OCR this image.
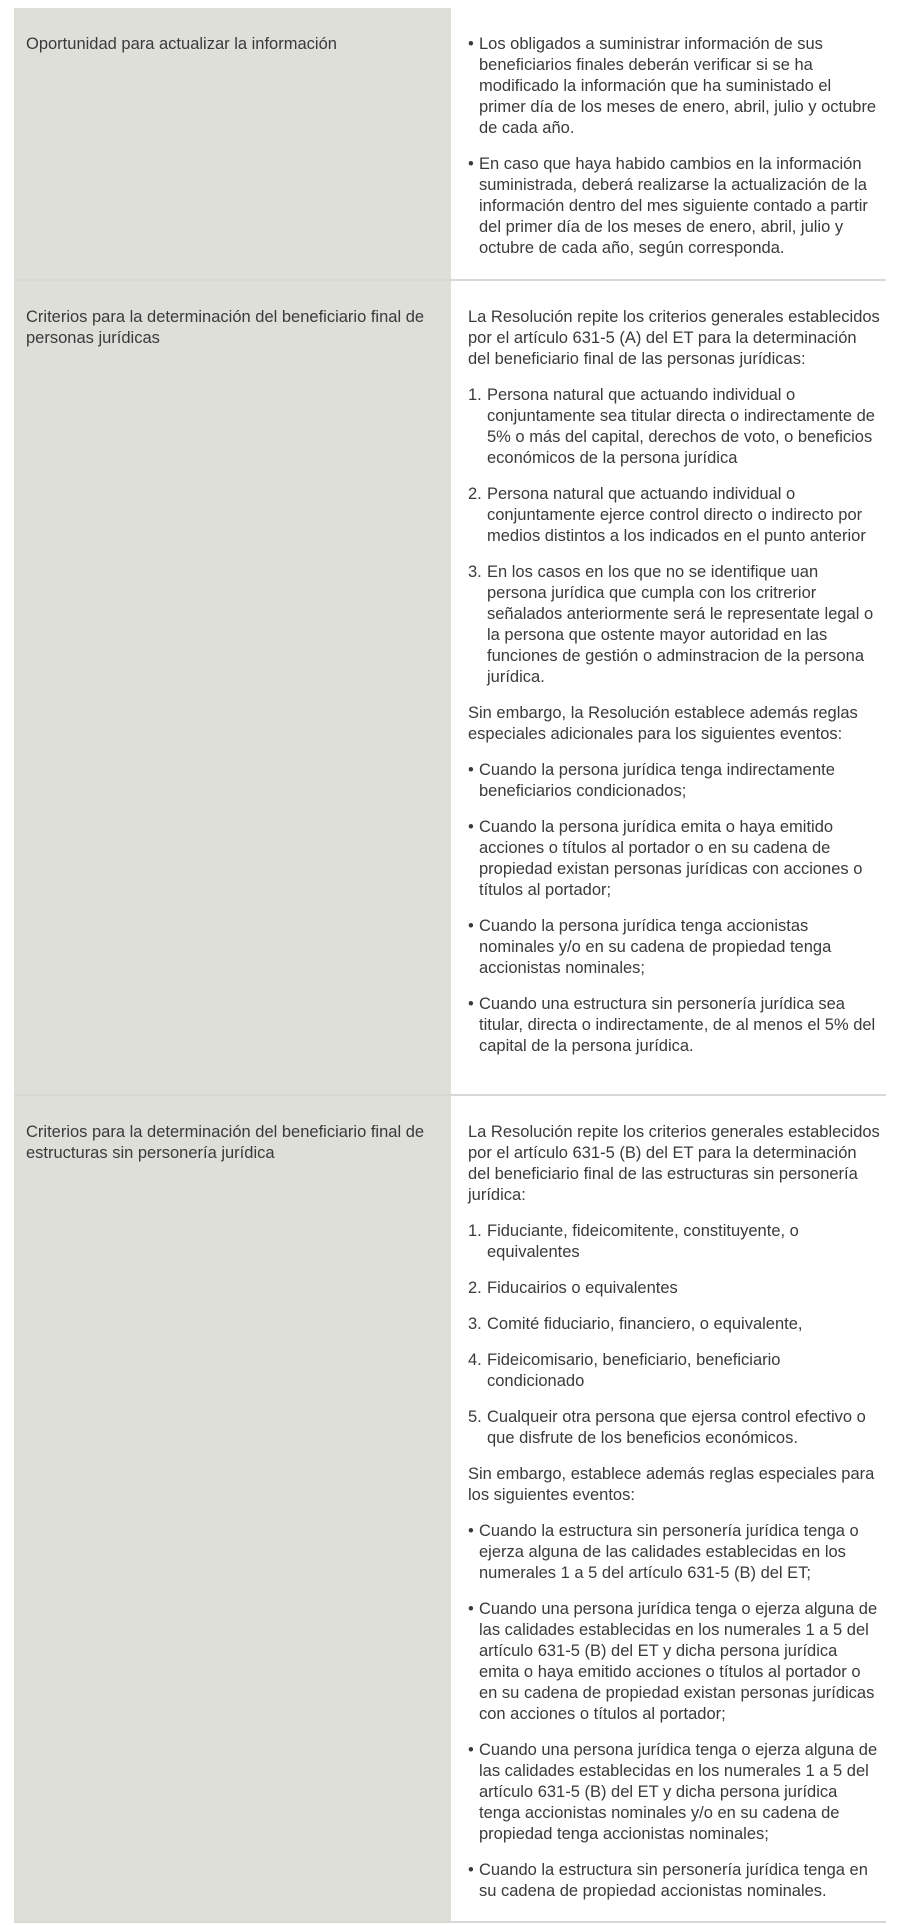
Oportunidad para actualizar la información	• Los obligados a suministrar información de sus beneficiarios finales deberán verificar si se ha modificado la información que ha suministado el primer día de los meses de enero, abril, julio y octubre de cada año.
• En caso que haya habido cambios en la información suministrada, deberá realizarse la actualización de la información dentro del mes siguiente contado a partir del primer día de los meses de enero, abril, julio y octubre de cada año, según corresponda.
Criterios para la determinación del beneficiario final de personas jurídicas

La Resolución repite los criterios generales establecidos por el artículo 631-5 (A) del ET para la determinación del beneficiario final de las personas jurídicas:

1. Persona natural que actuando individual o conjuntamente sea titular directa o indirectamente de 5% o más del capital, derechos de voto, o beneficios económicos de la persona jurídica
2. Persona natural que actuando individual o conjuntamente ejerce control directo o indirecto por medios distintos a los indicados en el punto anterior
3. En los casos en los que no se identifique uan persona jurídica que cumpla con los critrerior señalados anteriormente será le representate legal o la persona que ostente mayor autoridad en las funciones de gestión o adminstracion de la persona jurídica.

Sin embargo, la Resolución establece además reglas especiales adicionales para los siguientes eventos:

• Cuando la persona jurídica tenga indirectamente beneficiarios condicionados;
• Cuando la persona jurídica emita o haya emitido acciones o títulos al portador o en su cadena de propiedad existan personas jurídicas con acciones o títulos al portador;
• Cuando la persona jurídica tenga accionistas nominales y/o en su cadena de propiedad tenga accionistas nominales;
• Cuando una estructura sin personería jurídica sea titular, directa o indirectamente, de al menos el 5% del capital de la persona jurídica.
Criterios para la determinación del beneficiario final de estructuras sin personería jurídica

La Resolución repite los criterios generales establecidos por el artículo 631-5 (B) del ET para la determinación del beneficiario final de las estructuras sin personería jurídica:

1. Fiduciante, fideicomitente, constituyente, o equivalentes
2. Fiducairios o equivalentes
3. Comité fiduciario, financiero, o equivalente,
4. Fideicomisario, beneficiario, beneficiario condicionado
5. Cualqueir otra persona que ejersa control efectivo o que disfrute de los beneficios económicos.

Sin embargo, establece además reglas especiales para los siguientes eventos:

• Cuando la estructura sin personería jurídica tenga o ejerza alguna de las calidades establecidas en los numerales 1 a 5 del artículo 631-5 (B) del ET;
• Cuando una persona jurídica tenga o ejerza alguna de las calidades establecidas en los numerales 1 a 5 del artículo 631-5 (B) del ET y dicha persona jurídica emita o haya emitido acciones o títulos al portador o en su cadena de propiedad existan personas jurídicas con acciones o títulos al portador;
• Cuando una persona jurídica tenga o ejerza alguna de las calidades establecidas en los numerales 1 a 5 del artículo 631-5 (B) del ET y dicha persona jurídica tenga accionistas nominales y/o en su cadena de propiedad tenga accionistas nominales;
• Cuando la estructura sin personería jurídica tenga en su cadena de propiedad accionistas nominales.
